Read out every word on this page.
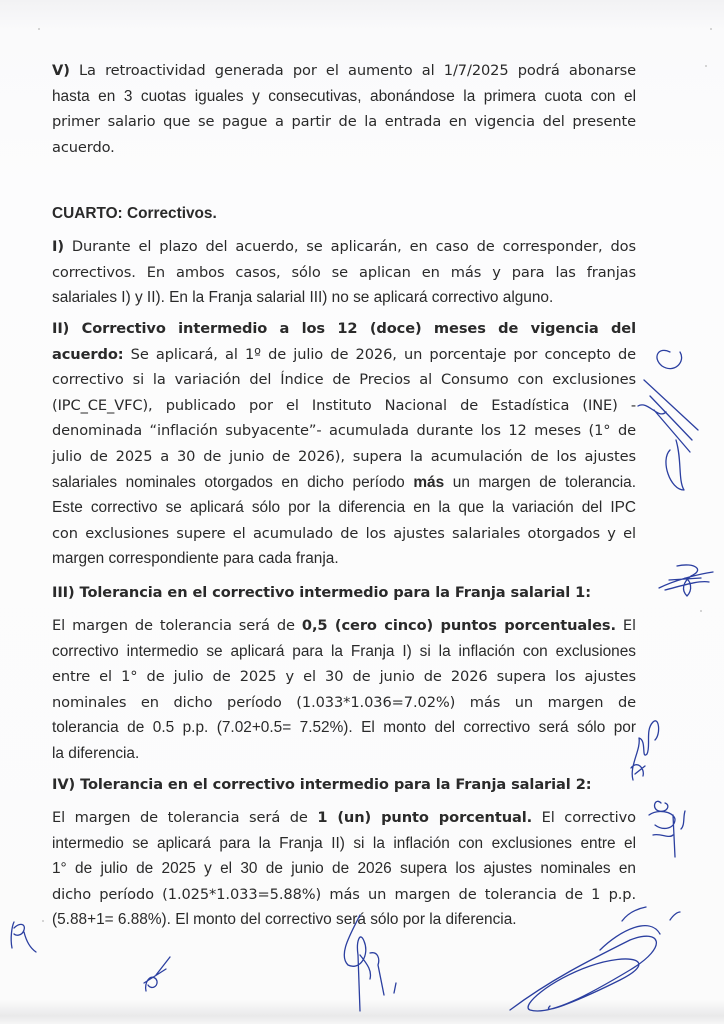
V) La retroactividad generada por el aumento al 1/7/2025 podrá abonarse

hasta en 3 cuotas iguales y consecutivas, abonándose la primera cuota con el

primer salario que se pague a partir de la entrada en vigencia del presente

acuerdo.

CUARTO: Correctivos.

I) Durante el plazo del acuerdo, se aplicarán, en caso de corresponder, dos

correctivos. En ambos casos, sólo se aplican en más y para las franjas

salariales I) y II). En la Franja salarial III) no se aplicará correctivo alguno.

II) Correctivo intermedio a los 12 (doce) meses de vigencia del

acuerdo: Se aplicará, al 1º de julio de 2026, un porcentaje por concepto de

correctivo si la variación del Índice de Precios al Consumo con exclusiones

(IPC_CE_VFC), publicado por el Instituto Nacional de Estadística (INE) -

denominada “inflación subyacente”- acumulada durante los 12 meses (1° de

julio de 2025 a 30 de junio de 2026), supera la acumulación de los ajustes

salariales nominales otorgados en dicho período más un margen de tolerancia.

Este correctivo se aplicará sólo por la diferencia en la que la variación del IPC

con exclusiones supere el acumulado de los ajustes salariales otorgados y el

margen correspondiente para cada franja.

III) Tolerancia en el correctivo intermedio para la Franja salarial 1:

El margen de tolerancia será de 0,5 (cero cinco) puntos porcentuales. El

correctivo intermedio se aplicará para la Franja I) si la inflación con exclusiones

entre el 1° de julio de 2025 y el 30 de junio de 2026 supera los ajustes

nominales en dicho período (1.033*1.036=7.02%) más un margen de

tolerancia de 0.5 p.p. (7.02+0.5= 7.52%). El monto del correctivo será sólo por

la diferencia.

IV) Tolerancia en el correctivo intermedio para la Franja salarial 2:

El margen de tolerancia será de 1 (un) punto porcentual. El correctivo

intermedio se aplicará para la Franja II) si la inflación con exclusiones entre el

1° de julio de 2025 y el 30 de junio de 2026 supera los ajustes nominales en

dicho período (1.025*1.033=5.88%) más un margen de tolerancia de 1 p.p.

(5.88+1= 6.88%). El monto del correctivo será sólo por la diferencia.
